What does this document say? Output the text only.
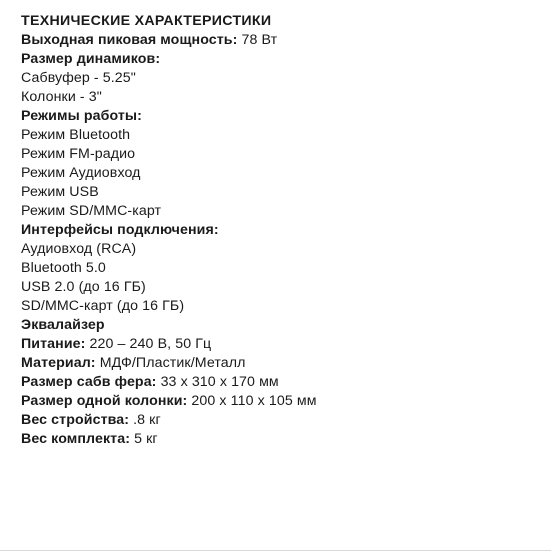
ТЕХНИЧЕСКИЕ ХАРАКТЕРИСТИКИ
Выходная пиковая мощность: 78 Вт
Размер динамиков:
Сабвуфер - 5.25"
Колонки - 3"
Режимы работы:
Режим Bluetooth
Режим FM-радио
Режим Аудиовход
Режим USB
Режим SD/MMC-карт
Интерфейсы подключения:
Аудиовход (RCA)
Bluetooth 5.0
USB 2.0 (до 16 ГБ)
SD/MMC-карт (до 16 ГБ)
Эквалайзер
Питание: 220 – 240 В, 50 Гц
Материал: МДФ/Пластик/Металл
Размер сабв фера: 33 x 310 x 170 мм
Размер одной колонки: 200 x 110 x 105 мм
Вес стройства: .8 кг
Вес комплекта: 5 кг
